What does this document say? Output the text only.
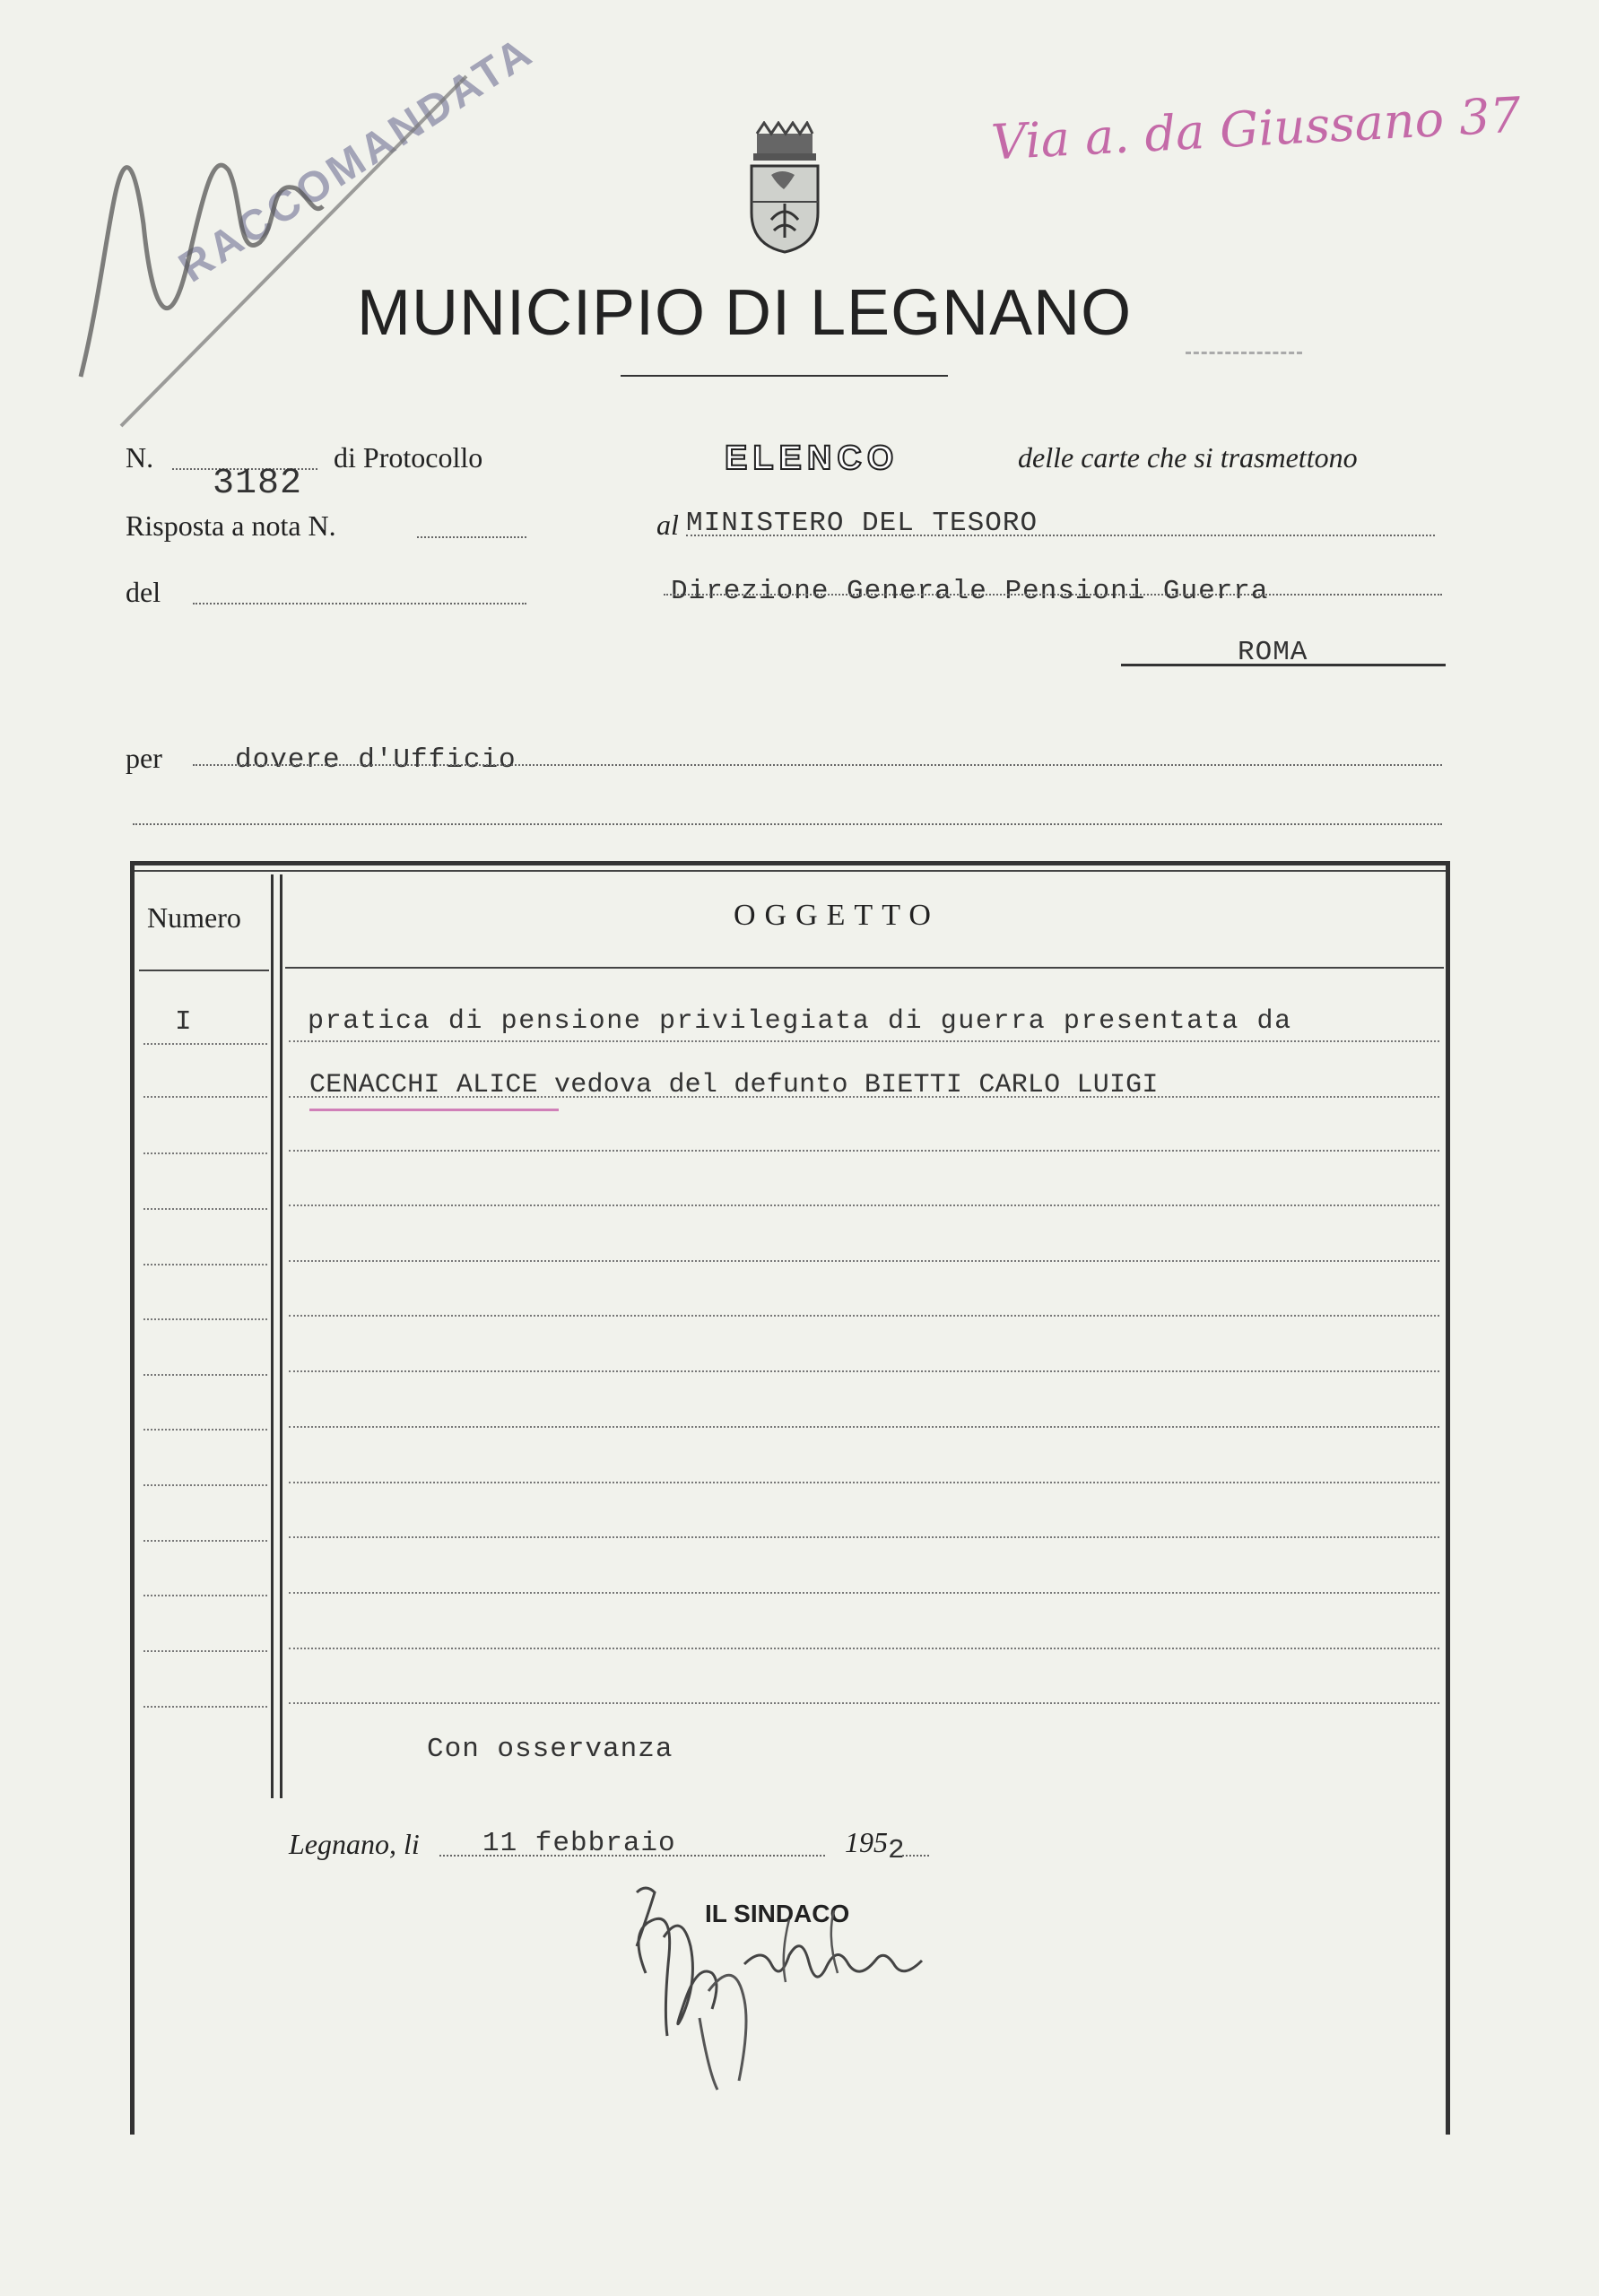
RACCOMANDATA	Via a. da Giussano 37
MUNICIPIO DI LEGNANO
N.
3182
di Protocollo
Risposta a nota N.
del
ELENCO	delle carte che si trasmettono
al MINISTERO DEL TESORO
Direzione Generale Pensioni Guerra
ROMA
per	dovere d'Ufficio
Numero	OGGETTO
I	pratica di pensione privilegiata di guerra presentata da
CENACCHI ALICE vedova del defunto BIETTI CARLO LUIGI
Con osservanza
Legnano, li 11 febbraio	195 2
IL SINDACO
